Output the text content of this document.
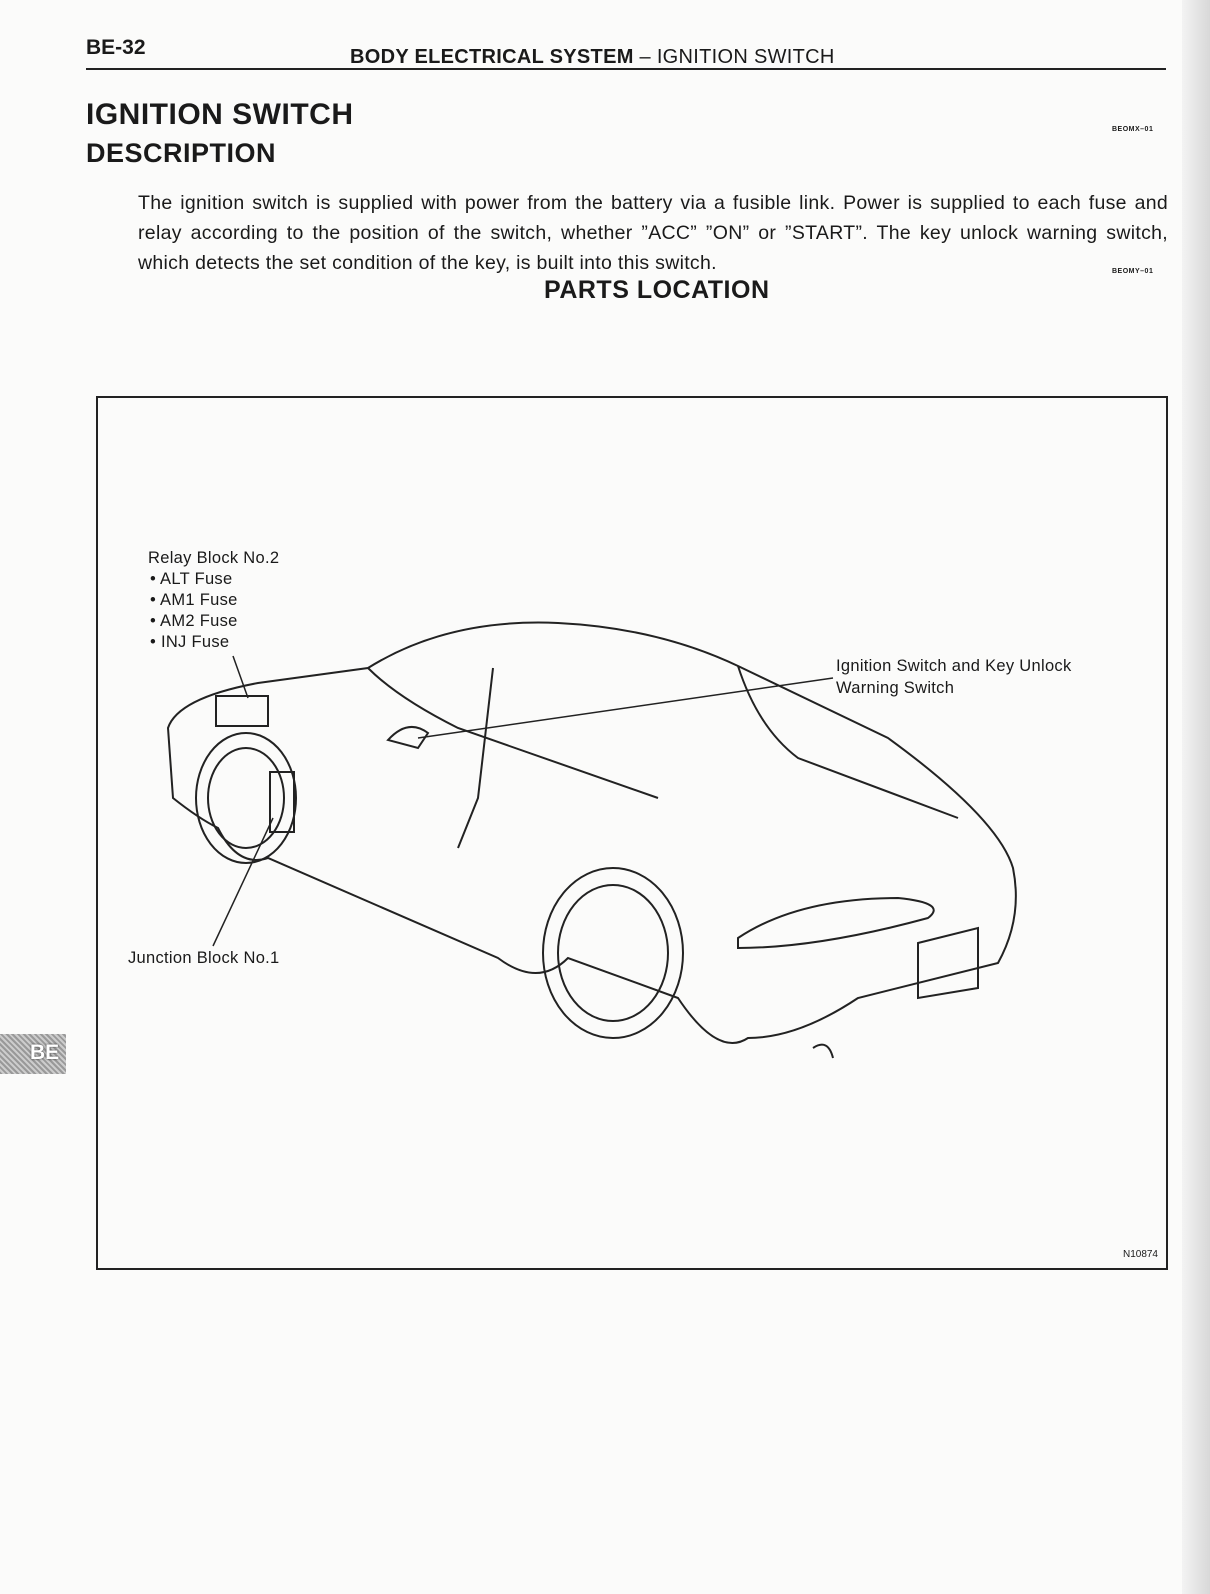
BE-32	BODY ELECTRICAL SYSTEM – IGNITION SWITCH
IGNITION SWITCH
DESCRIPTION
BEOMX–01
The ignition switch is supplied with power from the battery via a fusible link. Power is supplied to each fuse and relay according to the position of the switch, whether ”ACC” ”ON” or ”START”. The key unlock warning switch, which detects the set condition of the key, is built into this switch.	BEOMY–01
PARTS LOCATION
Relay Block No.2
• ALT Fuse
• AM1 Fuse
• AM2 Fuse
• INJ Fuse
Ignition Switch and Key Unlock
Warning Switch
Junction Block No.1
N10874
BE
